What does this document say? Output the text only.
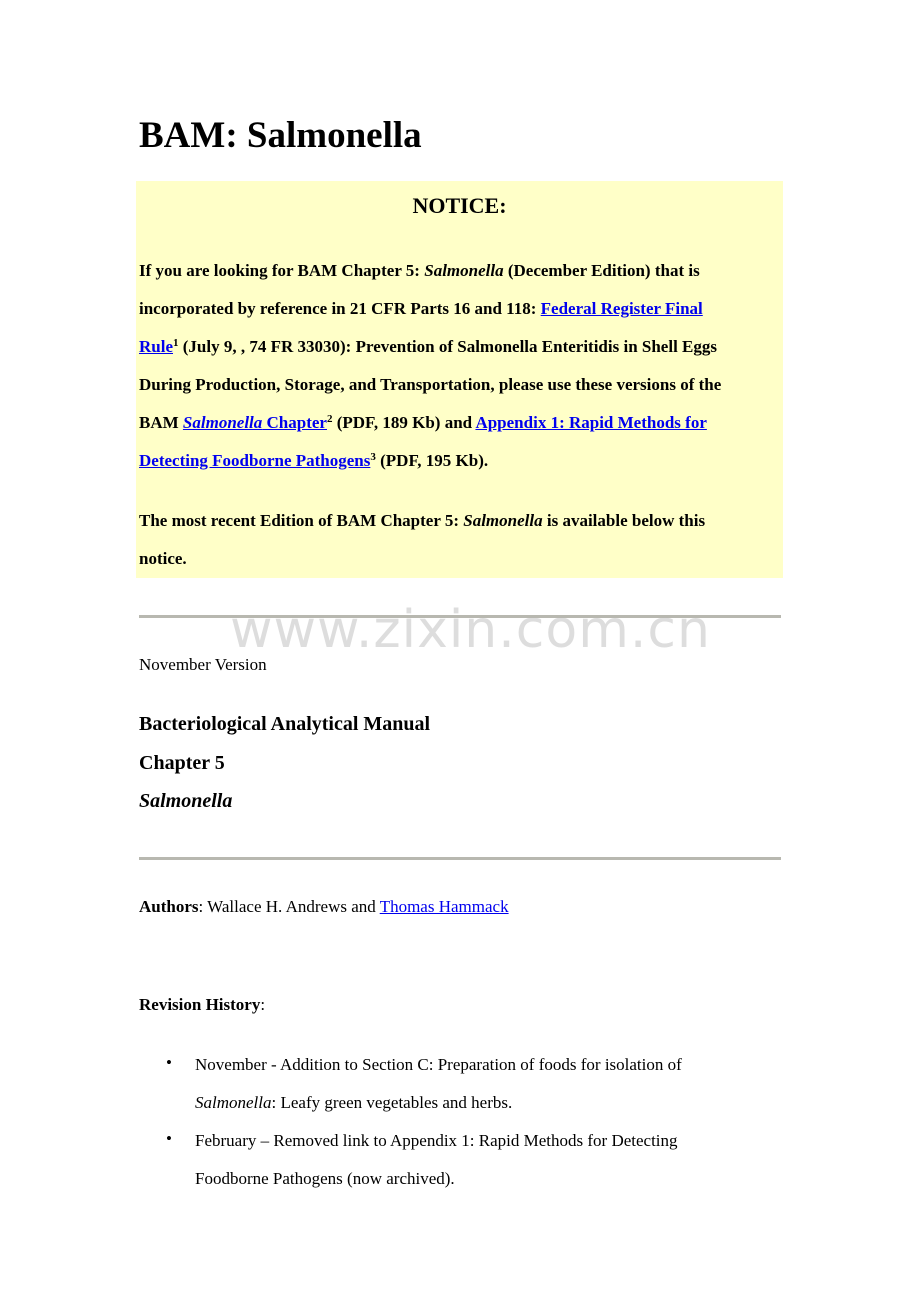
BAM: Salmonella
NOTICE:
If you are looking for BAM Chapter 5: Salmonella (December Edition) that is
incorporated by reference in 21 CFR Parts 16 and 118: Federal Register Final
Rule$^1$ (July 9, , 74 FR 33030): Prevention of Salmonella Enteritidis in Shell Eggs
During Production, Storage, and Transportation, please use these versions of the
BAM Salmonella Chapter$^2$ (PDF, 189 Kb) and Appendix 1: Rapid Methods for
Detecting Foodborne Pathogens$^3$ (PDF, 195 Kb).
The most recent Edition of BAM Chapter 5: Salmonella is available below this
notice.
www.zixin.com.cn
November Version
Bacteriological Analytical Manual
Chapter 5
Salmonella
Authors: Wallace H. Andrews and Thomas Hammack
Revision History:
• November - Addition to Section C: Preparation of foods for isolation of
Salmonella: Leafy green vegetables and herbs.
• February – Removed link to Appendix 1: Rapid Methods for Detecting
Foodborne Pathogens (now archived).
